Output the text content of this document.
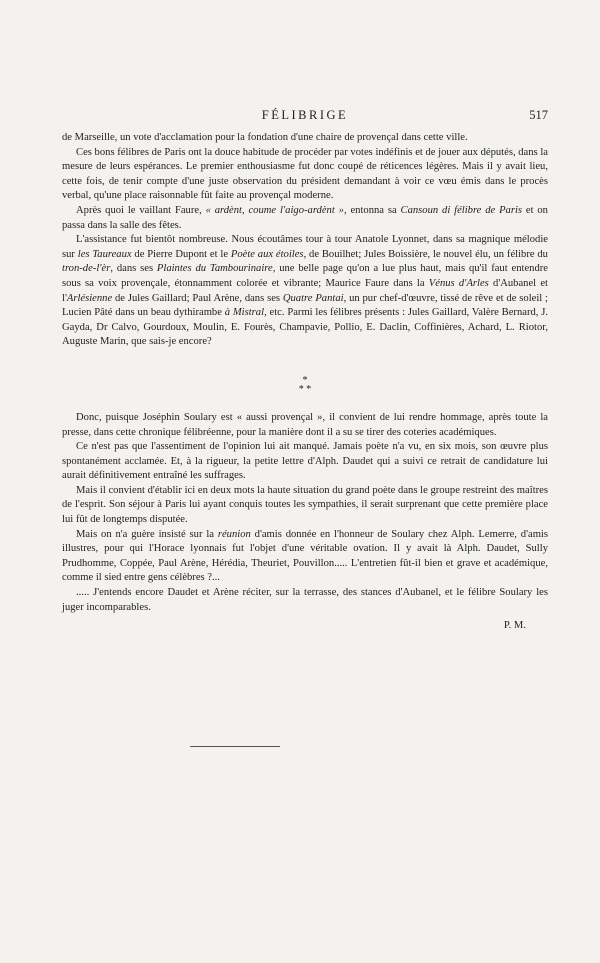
FÉLIBRIGE	517

de Marseille, un vote d'acclamation pour la fondation d'une chaire de provençal dans cette ville.

Ces bons félibres de Paris ont la douce habitude de procéder par votes indéfinis et de jouer aux députés, dans la mesure de leurs espérances. Le premier enthousiasme fut donc coupé de réticences légères. Mais il y avait lieu, cette fois, de tenir compte d'une juste observation du président demandant à voir ce vœu émis dans le procès verbal, qu'une place raisonnable fût faite au provençal moderne.

Après quoi le vaillant Faure, « ardènt, coume l'aigo-ardènt », entonna sa Cansoun di félibre de Paris et on passa dans la salle des fêtes.

L'assistance fut bientôt nombreuse. Nous écoutâmes tour à tour Anatole Lyonnet, dans sa magnique mélodie sur les Taureaux de Pierre Dupont et le Poète aux étoiles, de Bouilhet; Jules Boissière, le nouvel élu, un félibre du tron-de-l'èr, dans ses Plaintes du Tambourinaire, une belle page qu'on a lue plus haut, mais qu'il faut entendre sous sa voix provençale, étonnamment colorée et vibrante; Maurice Faure dans la Vénus d'Arles d'Aubanel et l'Arlésienne de Jules Gaillard; Paul Arène, dans ses Quatre Pantai, un pur chef-d'œuvre, tissé de rêve et de soleil ; Lucien Pâté dans un beau dythirambe à Mistral, etc. Parmi les félibres présents : Jules Gaillard, Valère Bernard, J. Gayda, Dr Calvo, Gourdoux, Moulin, E. Fourès, Champavie, Pollio, E. Daclin, Coffinières, Achard, L. Riotor, Auguste Marin, que sais-je encore?

*
* *

Donc, puisque Joséphin Soulary est « aussi provençal », il convient de lui rendre hommage, après toute la presse, dans cette chronique félibréenne, pour la manière dont il a su se tirer des coteries académiques.

Ce n'est pas que l'assentiment de l'opinion lui ait manqué. Jamais poète n'a vu, en six mois, son œuvre plus spontanément acclamée. Et, à la rigueur, la petite lettre d'Alph. Daudet qui a suivi ce retrait de candidature lui aurait définitivement entraîné les suffrages.

Mais il convient d'établir ici en deux mots la haute situation du grand poète dans le groupe restreint des maîtres de l'esprit. Son séjour à Paris lui ayant conquis toutes les sympathies, il serait surprenant que cette première place lui fût de longtemps disputée.

Mais on n'a guère insisté sur la réunion d'amis donnée en l'honneur de Soulary chez Alph. Lemerre, d'amis illustres, pour qui l'Horace lyonnais fut l'objet d'une véritable ovation. Il y avait là Alph. Daudet, Sully Prudhomme, Coppée, Paul Arène, Hérédia, Theuriet, Pouvillon..... L'entretien fût-il bien et grave et académique, comme il sied entre gens célèbres ?...

..... J'entends encore Daudet et Arène réciter, sur la terrasse, des stances d'Aubanel, et le félibre Soulary les juger incomparables.

P. M.
